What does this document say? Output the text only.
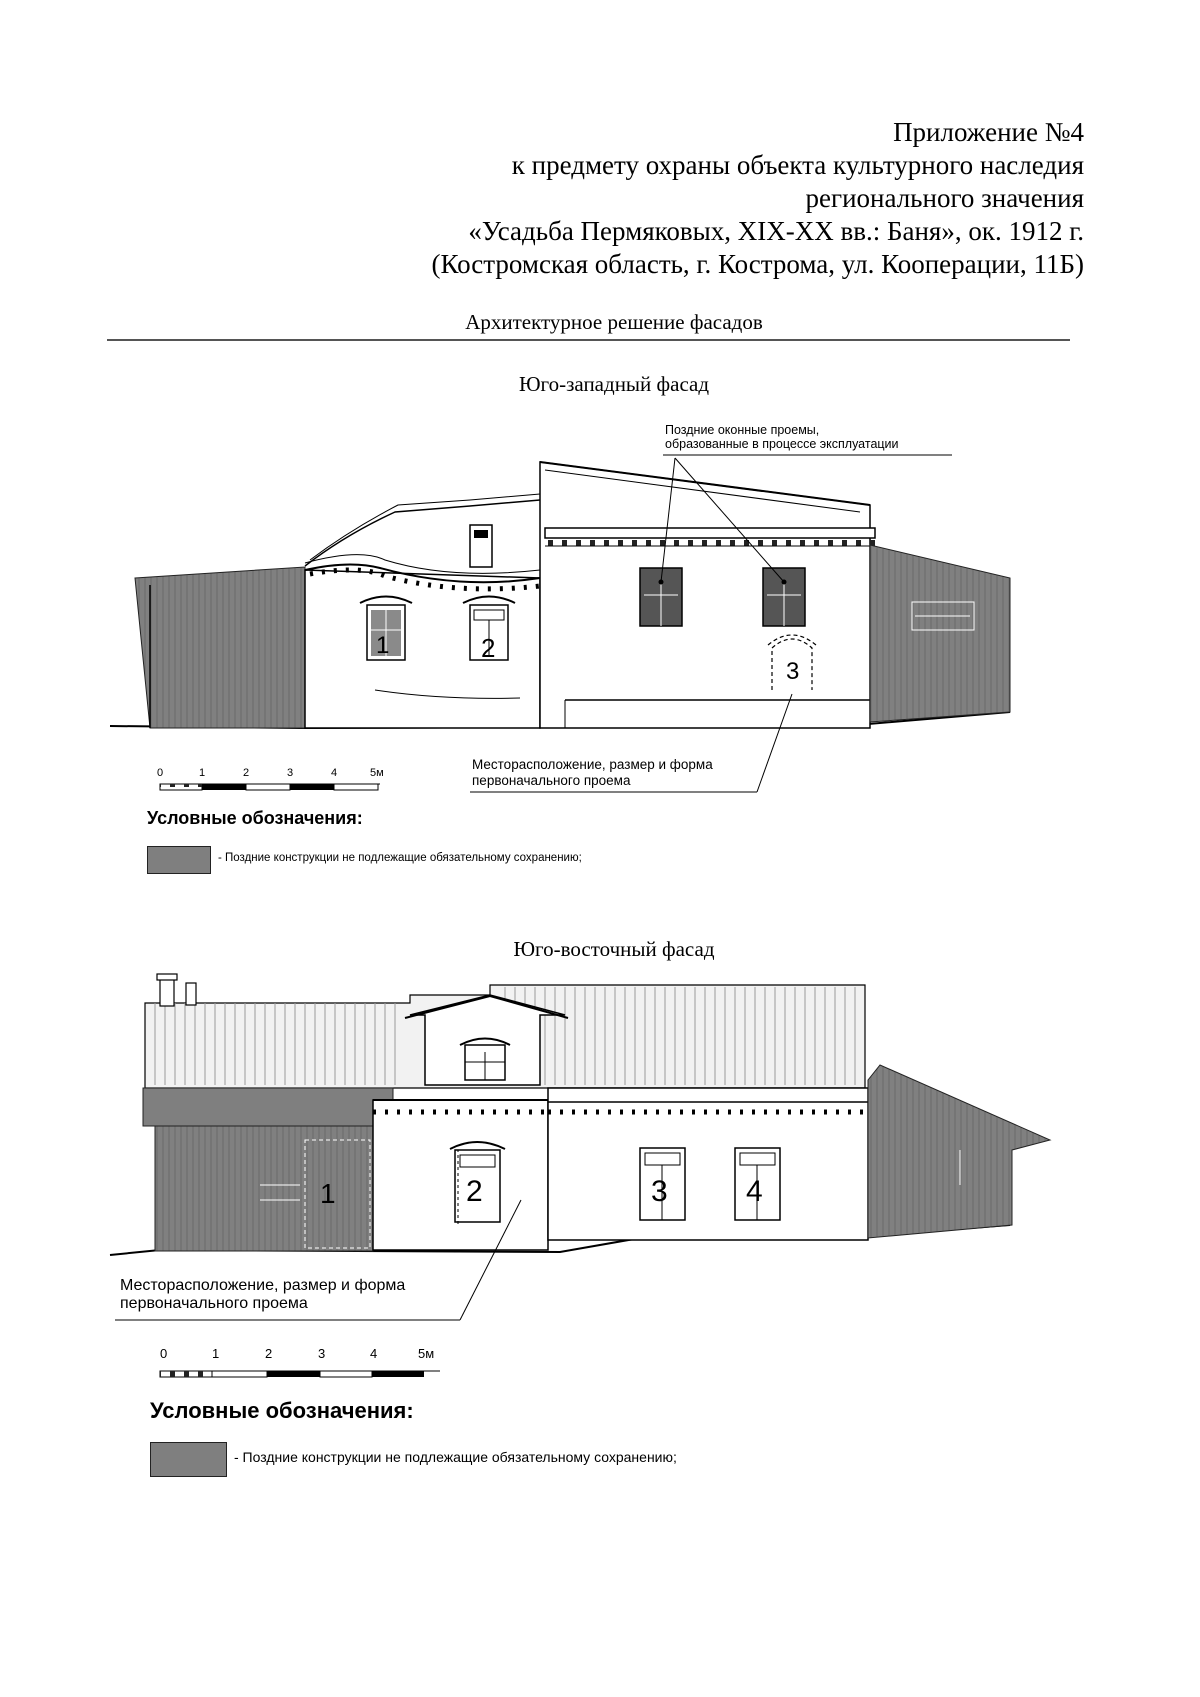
Приложение №4
к предмету охраны объекта культурного наследия
регионального значения
«Усадьба Пермяковых, XIX-XX вв.: Баня», ок. 1912 г.
(Костромская область, г. Кострома, ул. Кооперации, 11Б)
Архитектурное решение фасадов
Юго-западный фасад
1	2
3
Поздние оконные проемы,
образованные в процессе эксплуатации
Месторасположение, размер и форма
первоначального проема
0	1	2	3	4	5м
Условные обозначения:
- Поздние конструкции не подлежащие обязательному сохранению;
Юго-восточный фасад
1	2	3	4
Месторасположение, размер и форма
первоначального проема
0	1	2	3	4	5м
Условные обозначения:
- Поздние конструкции не подлежащие обязательному сохранению;
